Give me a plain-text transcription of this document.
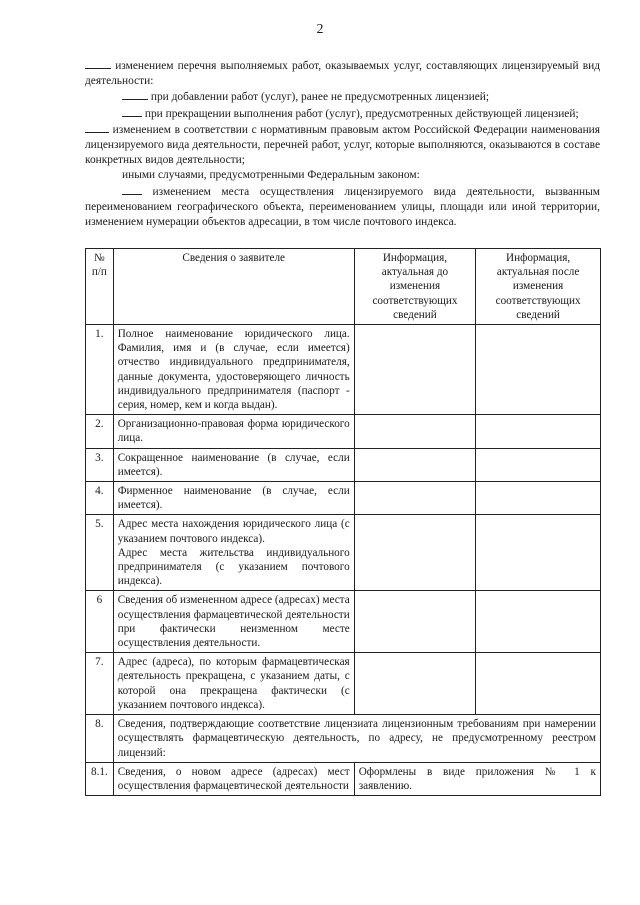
2

изменением перечня выполняемых работ, оказываемых услуг, составляющих лицензируемый вид деятельности:

при добавлении работ (услуг), ранее не предусмотренных лицензией;

при прекращении выполнения работ (услуг), предусмотренных действующей лицензией;

изменением в соответствии с нормативным правовым актом Российской Федерации наименования лицензируемого вида деятельности, перечней работ, услуг, которые выполняются, оказываются в составе конкретных видов деятельности;

иными случаями, предусмотренными Федеральным законом:

изменением места осуществления лицензируемого вида деятельности, вызванным переименованием географического объекта, переименованием улицы, площади или иной территории, изменением нумерации объектов адресации, в том числе почтового индекса.

№ п/п	Сведения о заявителе	Информация, актуальная до изменения соответствующих сведений	Информация, актуальная после изменения соответствующих сведений
1.	Полное наименование юридического лица. Фамилия, имя и (в случае, если имеется) отчество индивидуального предпринимателя, данные документа, удостоверяющего личность индивидуального предпринимателя (паспорт - серия, номер, кем и когда выдан).		
2.	Организационно-правовая форма юридического лица.		
3.	Сокращенное наименование (в случае, если имеется).		
4.	Фирменное наименование (в случае, если имеется).		
5.	Адрес места нахождения юридического лица (с указанием почтового индекса).
Адрес места жительства индивидуального предпринимателя (с указанием почтового индекса).		

6	Сведения об измененном адресе (адресах) места осуществления фармацевтической деятельности при фактически неизменном месте осуществления деятельности.		
7.	Адрес (адреса), по которым фармацевтическая деятельность прекращена, с указанием даты, с которой она прекращена фактически (с указанием почтового индекса).		
8.	Сведения, подтверждающие соответствие лицензиата лицензионным требованиям при намерении осуществлять фармацевтическую деятельность, по адресу, не предусмотренному реестром лицензий:		
8.1.	Сведения, о новом адресе (адресах) мест осуществления фармацевтической деятельности	Оформлены в виде приложения № 1 к заявлению.	
